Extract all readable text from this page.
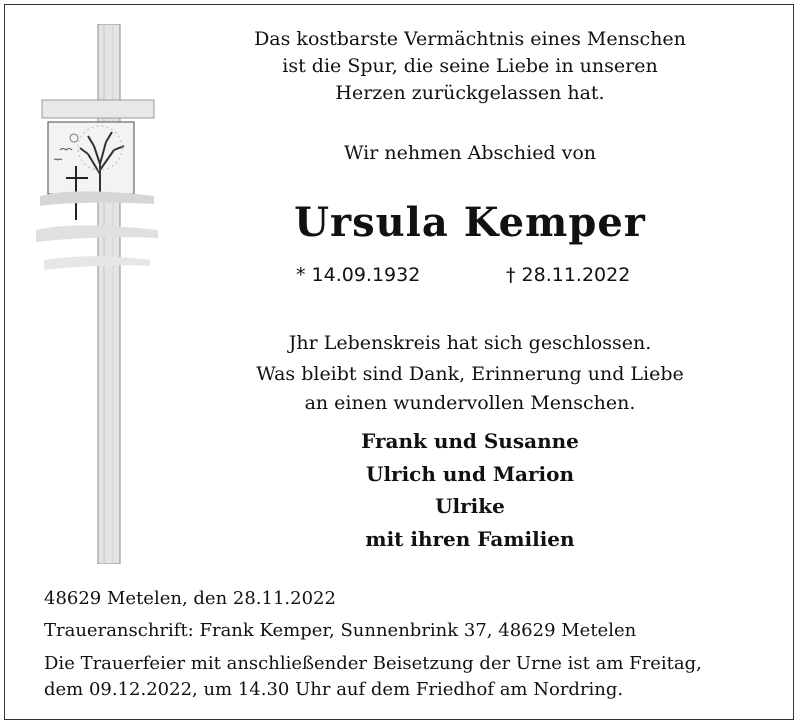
Das kostbarste Vermächtnis eines Menschen
ist die Spur, die seine Liebe in unseren
Herzen zurückgelassen hat.
Wir nehmen Abschied von
Ursula Kemper
* 14.09.1932	† 28.11.2022
Jhr Lebenskreis hat sich geschlossen.
Was bleibt sind Dank, Erinnerung und Liebe
an einen wundervollen Menschen.
Frank und Susanne
Ulrich und Marion
Ulrike
mit ihren Familien
48629 Metelen, den 28.11.2022
Traueranschrift: Frank Kemper, Sunnenbrink 37, 48629 Metelen
Die Trauerfeier mit anschließender Beisetzung der Urne ist am Freitag,
dem 09.12.2022, um 14.30 Uhr auf dem Friedhof am Nordring.
